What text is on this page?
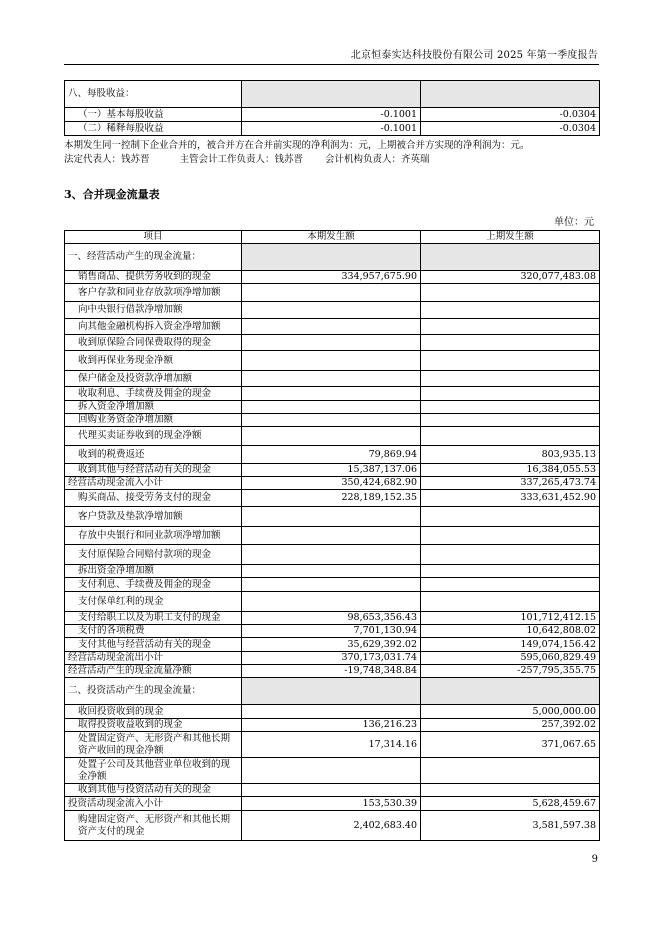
北京恒泰实达科技股份有限公司 2025 年第一季度报告
八、每股收益：		
（一）基本每股收益	-0.1001	-0.0304
（二）稀释每股收益	-0.1001	-0.0304
本期发生同一控制下企业合并的，被合并方在合并前实现的净利润为：元，上期被合并方实现的净利润为：元。
法定代表人：钱苏晋	主管会计工作负责人：钱苏晋 会计机构负责人：齐英瑞
3、合并现金流量表
单位：元
项目	本期发生额	上期发生额
一、经营活动产生的现金流量：		
销售商品、提供劳务收到的现金	334,957,675.90	320,077,483.08
客户存款和同业存放款项净增加额		
向中央银行借款净增加额		
向其他金融机构拆入资金净增加额		
收到原保险合同保费取得的现金		
收到再保业务现金净额		
保户储金及投资款净增加额		
收取利息、手续费及佣金的现金		
拆入资金净增加额		
回购业务资金净增加额		
代理买卖证券收到的现金净额		
收到的税费返还	79,869.94	803,935.13
收到其他与经营活动有关的现金	15,387,137.06	16,384,055.53
经营活动现金流入小计	350,424,682.90	337,265,473.74
购买商品、接受劳务支付的现金	228,189,152.35	333,631,452.90
客户贷款及垫款净增加额		
存放中央银行和同业款项净增加额		
支付原保险合同赔付款项的现金		
拆出资金净增加额		
支付利息、手续费及佣金的现金		
支付保单红利的现金		
支付给职工以及为职工支付的现金	98,653,356.43	101,712,412.15
支付的各项税费	7,701,130.94	10,642,808.02
支付其他与经营活动有关的现金	35,629,392.02	149,074,156.42
经营活动现金流出小计	370,173,031.74	595,060,829.49
经营活动产生的现金流量净额	-19,748,348.84	-257,795,355.75
二、投资活动产生的现金流量：		
收回投资收到的现金		5,000,000.00
取得投资收益收到的现金	136,216.23	257,392.02
处置固定资产、无形资产和其他长期资产收回的现金净额	17,314.16	371,067.65
处置子公司及其他营业单位收到的现金净额		
收到其他与投资活动有关的现金		
投资活动现金流入小计	153,530.39	5,628,459.67
购建固定资产、无形资产和其他长期资产支付的现金	2,402,683.40	3,581,597.38
9
